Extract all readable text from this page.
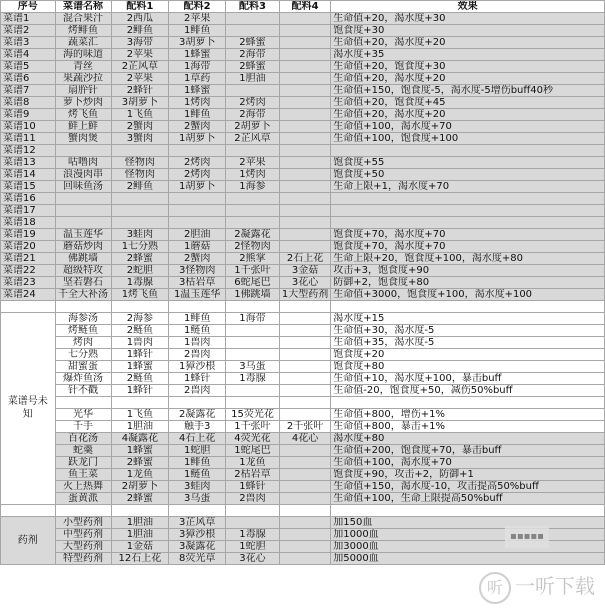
序号	菜谱名称	配料1	配料2	配料3	配料4	效果
菜谱1	混合果汁	2西瓜	2苹果			生命值+20，渴水度+30
菜谱2	烤鲱鱼	2鲱鱼	1鲱鱼			饱食度+30
菜谱3	蔬菜汇	3海带	3胡萝卜	2蜂蜜		生命值+20，渴水度+20
菜谱4	海的味道	2苹果	1蜂蜜	2海带		渴水度+35
菜谱5	青丝	2芷风草	1海带	2蜂蜜		生命值+20，饱食度+30
菜谱6	果蔬沙拉	2苹果	1草药	1胆油		生命值+20，渴水度+20
菜谱7	扇肸针	2蜂针	1蜂蜜			生命值+150，饱食度-5，渴水度-5增伤buff40秒
菜谱8	萝卜炒肉	3胡萝卜	1烤肉	2烤肉		生命值+20，饱食度+45
菜谱9	烤飞鱼	1飞鱼	1鲱鱼	2海带		生命值+20，渴水度+20
菜谱10	鲜上鲜	2蟹肉	2蟹肉	2胡萝卜		生命值+100，渴水度+70
菜谱11	蟹肉煲	3蟹肉	1胡萝卜	2芷风草		生命值+100，饱食度+100
菜谱12						
菜谱13	咕噜肉	怪物肉	2烤肉	2苹果		饱食度+55
菜谱14	浪漫肉串	怪物肉	2烤肉	1烤肉		饱食度+50
菜谱15	回味鱼汤	2鲱鱼	1胡萝卜	1海参		生命上限+1，渴水度+70
菜谱16						
菜谱17						
菜谱18						
菜谱19	温玉莲华	3蛙肉	2胆油	2凝露花		饱食度+70，渴水度+70
菜谱20	蘑菇炒肉	1七分熟	1蘑菇	2怪物肉		饱食度+70，渴水度+70
菜谱21	佛跳墙	2蜂蜜	2蟹肉	2熊掌	2石上花	生命上限+20，饱食度+100，渴水度+80
菜谱22	超级特攻	2蛇胆	3怪物肉	1千张叶	3金菇	攻击+3，饱食度+90
菜谱23	坚若磐石	1毒腺	3枯岩草	6蛇尾巴	3花心	防御+2，饱食度+80
菜谱24	千全大补汤	1烤飞鱼	1温玉莲华	1佛跳墙	1大型药剂	生命值+3000，饱食度+100，渴水度+100

菜谱号未知	海参汤	2海参	1鲱鱼	1海带		渴水度+15
	烤鲢鱼	2鲢鱼	1鲢鱼			生命值+30，渴水度-5
	烤肉	1兽肉	1兽肉			生命值+35，渴水度-5
	七分熟	1蜂针	2兽肉			饱食度+20
	甜蜜蛋	1蜂蜜	1獐沙根	3乌蛋		饱食度+80
	爆炸鱼汤	2鲢鱼	1蜂针	1毒腺		生命值+10，渴水度+100，暴击buff
	针不戳	1蜂针	2兽肉			生命值-20，饱食度+50，减伤50%buff

	光华	1飞鱼	2凝露花	15荧光花		生命值+800，增伤+1%
	千手	1胆油	触手3	1千张叶	2千张叶	生命值+800，暴击+1%
	百花汤	4凝露花	4石上花	4荧光花	4花心	渴水度+80
	蛇羹	1蜂蜜	1蛇胆	1蛇尾巴		生命值+200，饱食度+70，暴击buff
	跃龙门	2蜂蜜	1鲱鱼	1龙鱼		生命值+100，渴水度+70
	鱼王菜	1龙鱼	1鲢鱼	2枯岩草		饱食度+90，攻击+2，防御+1
	火上热舞	2胡萝卜	3蛙肉	1蜂针		生命值+150，渴水度-10，攻击提高50%buff
	蛋黄派	2蜂蜜	3乌蛋	2兽肉		生命值+100，生命上限提高50%buff

药剂	小型药剂	1胆油	3芷风草			加150血
	中型药剂	1胆油	3獐沙根	1毒腺		加1000血
	大型药剂	1金菇	3凝露花	1蛇胆		加3000血
	特型药剂	12石上花	8荧光草	3花心		加5000血
▪▪▪▪▪
听 一听下载
